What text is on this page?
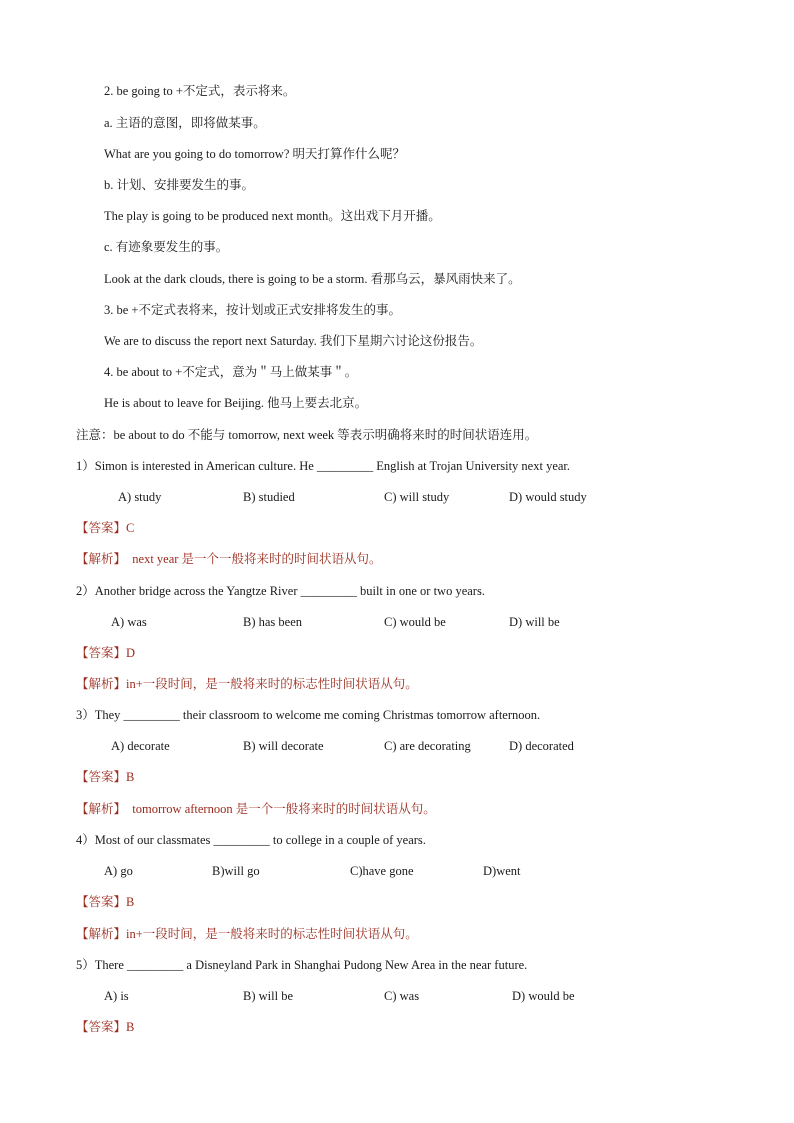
2. be going to +不定式，表示将来。
a. 主语的意图，即将做某事。
What are you going to do tomorrow? 明天打算作什么呢？
b. 计划、安排要发生的事。
The play is going to be produced next month。这出戏下月开播。
c. 有迹象要发生的事。
Look at the dark clouds, there is going to be a storm. 看那乌云，暴风雨快来了。
3. be +不定式表将来，按计划或正式安排将发生的事。
We are to discuss the report next Saturday. 我们下星期六讨论这份报告。
4. be about to +不定式，意为＂马上做某事＂。
He is about to leave for Beijing. 他马上要去北京。
注意：be about to do 不能与 tomorrow, next week 等表示明确将来时的时间状语连用。
1）Simon is interested in American culture. He _________ English at Trojan University next year.
A) study	B) studied	C) will study	D) would study
【答案】C
【解析】 next year 是一个一般将来时的时间状语从句。
2）Another bridge across the Yangtze River _________ built in one or two years.
A) was	B) has been	C) would be	D) will be
【答案】D
【解析】in+一段时间，是一般将来时的标志性时间状语从句。
3）They _________ their classroom to welcome me coming Christmas tomorrow afternoon.
A) decorate	B) will decorate	C) are decorating	D) decorated
【答案】B
【解析】 tomorrow afternoon 是一个一般将来时的时间状语从句。
4）Most of our classmates _________ to college in a couple of years.
A) go	B)will go	C)have gone	D)went
【答案】B
【解析】in+一段时间，是一般将来时的标志性时间状语从句。
5）There _________ a Disneyland Park in Shanghai Pudong New Area in the near future.
A) is	B) will be	C) was	D) would be
【答案】B
